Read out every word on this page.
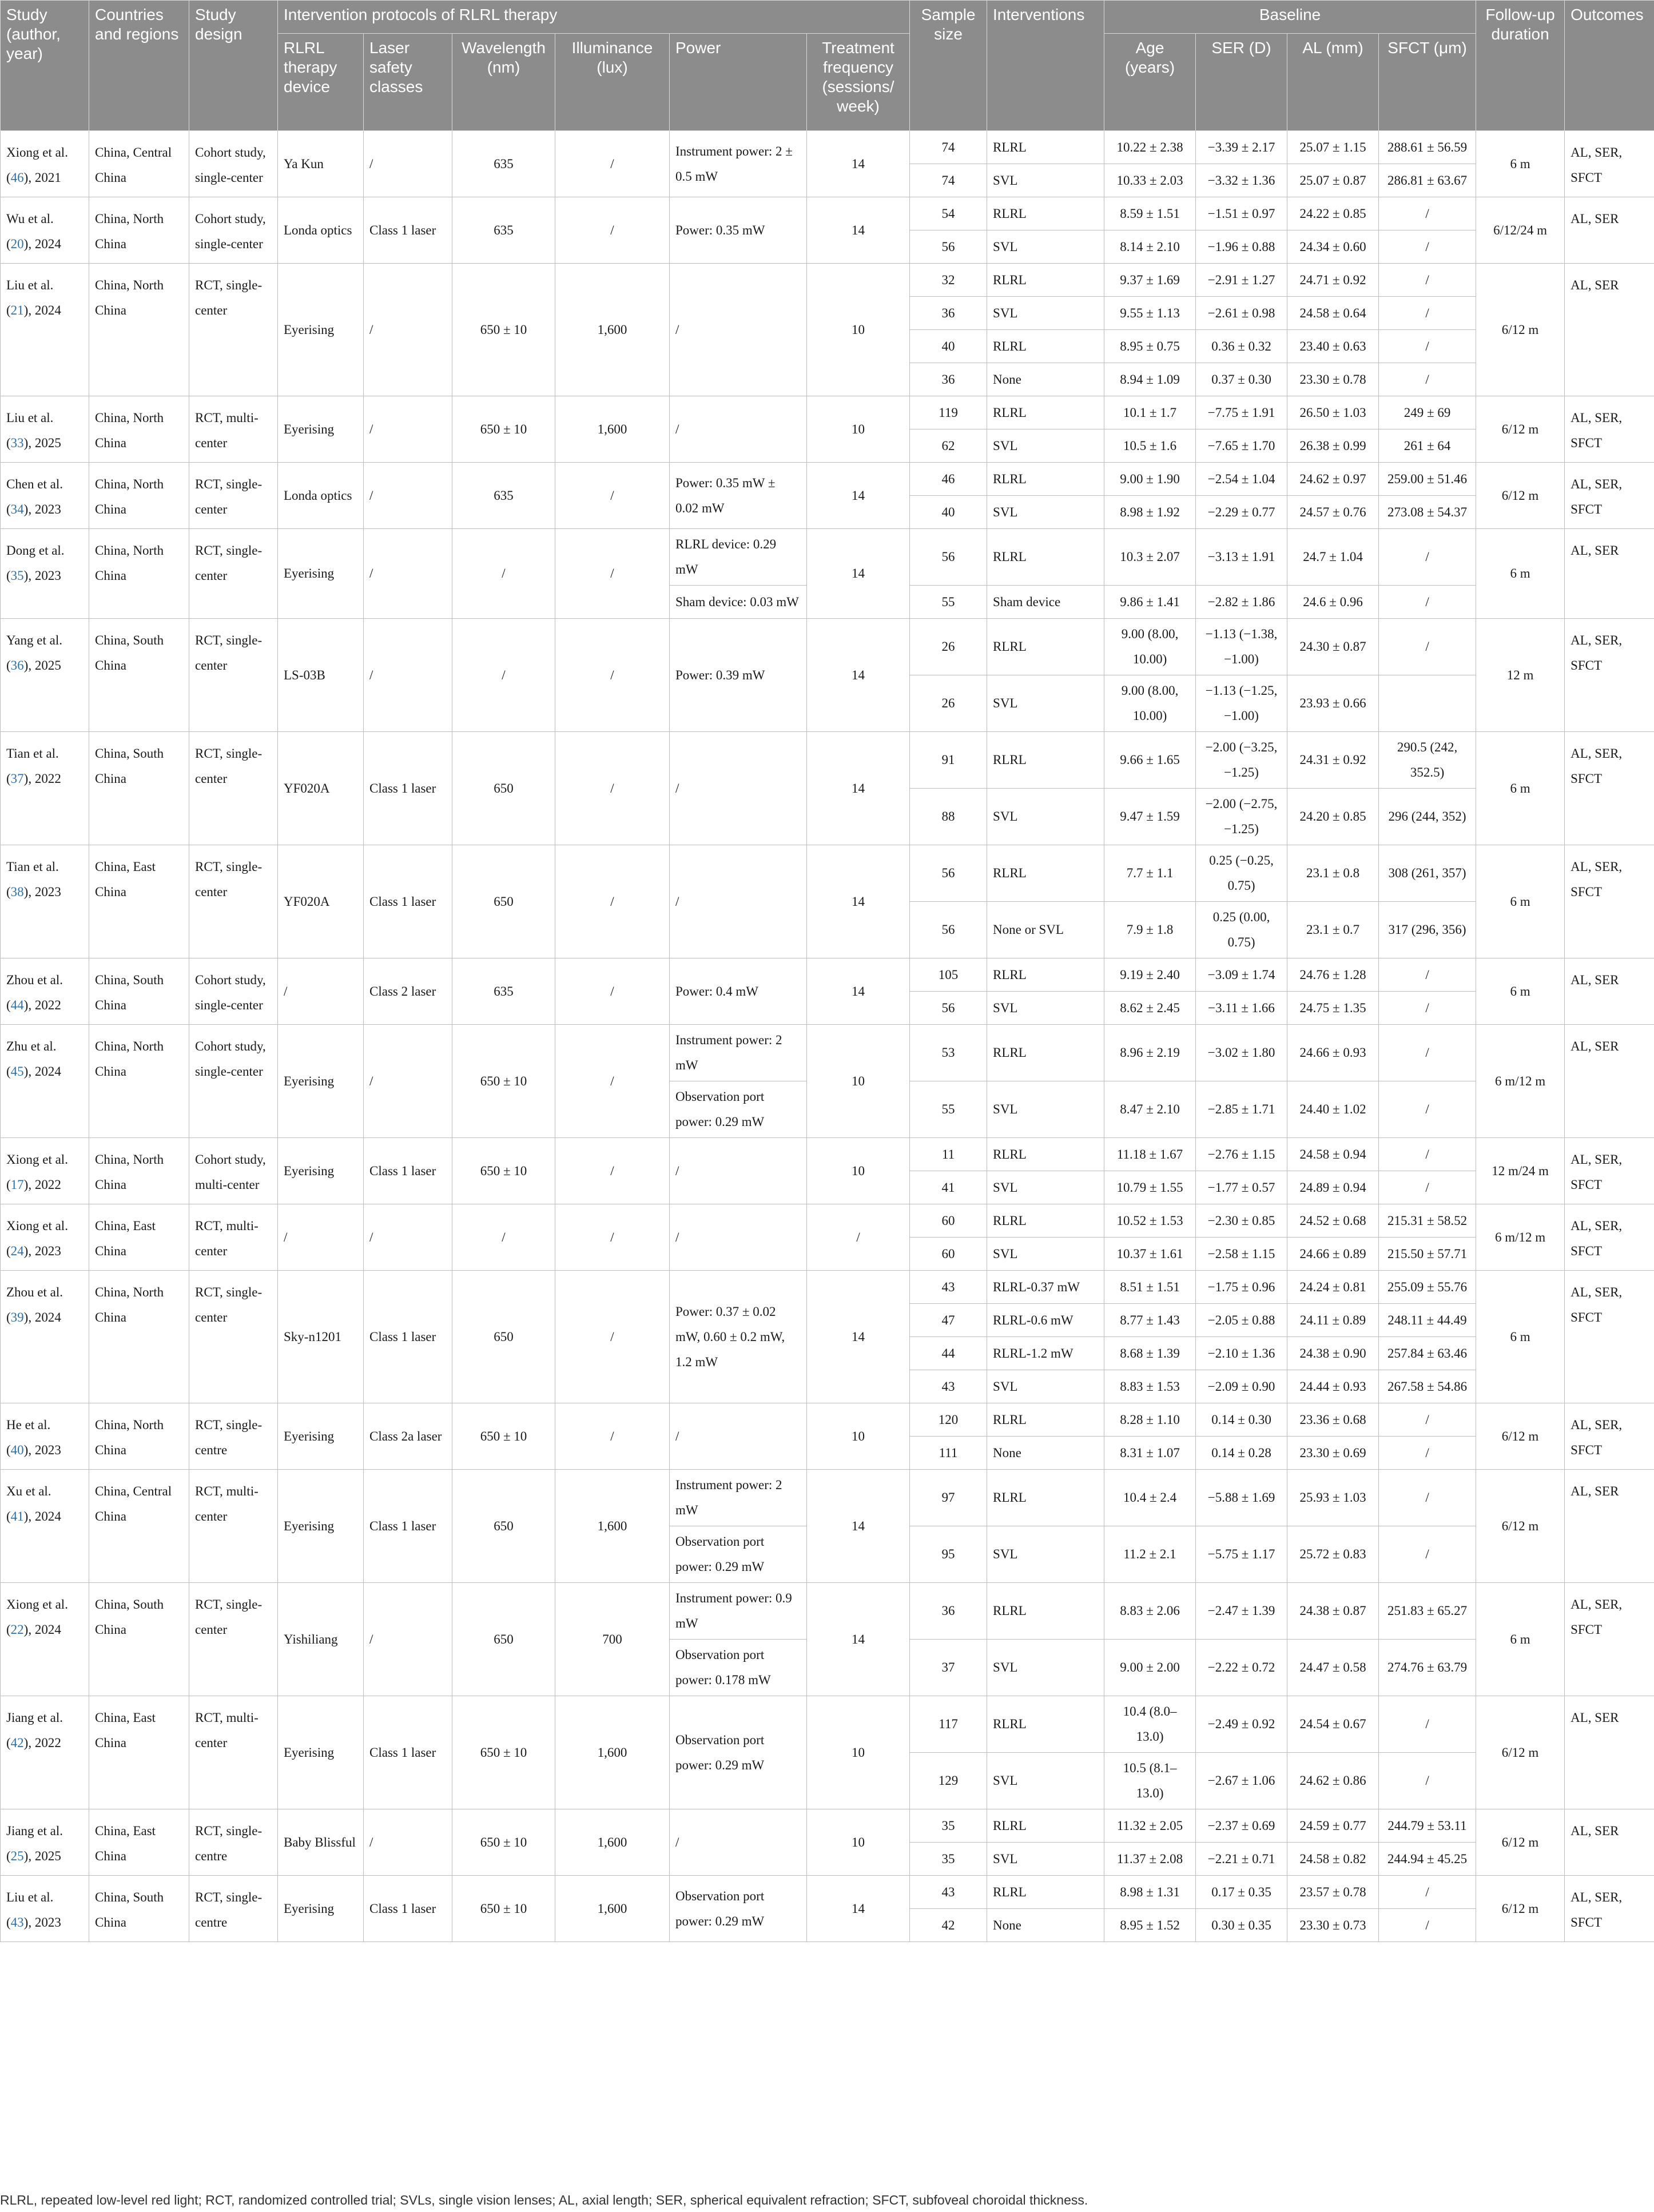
Study (author, year)	Countries and regions	Study design	Intervention protocols of RLRL therapy						Sample size	Interventions	Baseline				Follow-up duration	Outcomes
			RLRL therapy device	Laser safety classes	Wavelength (nm)	Illuminance (lux)	Power	Treatment frequency (sessions/ week)			Age (years)	SER (D)	AL (mm)	SFCT (μm)		
Xiong et al.
(46), 2021	China, Central China	Cohort study, single-center	Ya Kun	/	635	/	Instrument power: 2 ± 0.5 mW	14	74	RLRL	10.22 ± 2.38	−3.39 ± 2.17	25.07 ± 1.15	288.61 ± 56.59	6 m	AL, SER, SFCT
									74	SVL	10.33 ± 2.03	−3.32 ± 1.36	25.07 ± 0.87	286.81 ± 63.67		
Wu et al.
(20), 2024	China, North China	Cohort study, single-center	Londa optics	Class 1 laser	635	/	Power: 0.35 mW	14	54	RLRL	8.59 ± 1.51	−1.51 ± 0.97	24.22 ± 0.85	/	6/12/24 m	AL, SER
									56	SVL	8.14 ± 2.10	−1.96 ± 0.88	24.34 ± 0.60	/		
Liu et al.
(21), 2024	China, North China	RCT, single-center	Eyerising	/	650 ± 10	1,600	/	10	32	RLRL	9.37 ± 1.69	−2.91 ± 1.27	24.71 ± 0.92	/	6/12 m	AL, SER
									36	SVL	9.55 ± 1.13	−2.61 ± 0.98	24.58 ± 0.64	/		
									40	RLRL	8.95 ± 0.75	0.36 ± 0.32	23.40 ± 0.63	/		
									36	None	8.94 ± 1.09	0.37 ± 0.30	23.30 ± 0.78	/		
Liu et al.
(33), 2025	China, North China	RCT, multi-center	Eyerising	/	650 ± 10	1,600	/	10	119	RLRL	10.1 ± 1.7	−7.75 ± 1.91	26.50 ± 1.03	249 ± 69	6/12 m	AL, SER, SFCT
									62	SVL	10.5 ± 1.6	−7.65 ± 1.70	26.38 ± 0.99	261 ± 64		
Chen et al.
(34), 2023	China, North China	RCT, single-center	Londa optics	/	635	/	Power: 0.35 mW ± 0.02 mW	14	46	RLRL	9.00 ± 1.90	−2.54 ± 1.04	24.62 ± 0.97	259.00 ± 51.46	6/12 m	AL, SER, SFCT
									40	SVL	8.98 ± 1.92	−2.29 ± 0.77	24.57 ± 0.76	273.08 ± 54.37		
Dong et al.
(35), 2023	China, North China	RCT, single-center	Eyerising	/	/	/	RLRL device: 0.29 mW	14	56	RLRL	10.3 ± 2.07	−3.13 ± 1.91	24.7 ± 1.04	/	6 m	AL, SER
							Sham device: 0.03 mW		55	Sham device	9.86 ± 1.41	−2.82 ± 1.86	24.6 ± 0.96	/		
Yang et al.
(36), 2025	China, South China	RCT, single-center	LS-03B	/	/	/	Power: 0.39 mW	14	26	RLRL	9.00 (8.00, 10.00)	−1.13 (−1.38, −1.00)	24.30 ± 0.87	/	12 m	AL, SER, SFCT
									26	SVL	9.00 (8.00, 10.00)	−1.13 (−1.25, −1.00)	23.93 ± 0.66			
Tian et al.
(37), 2022	China, South China	RCT, single-center	YF020A	Class 1 laser	650	/	/	14	91	RLRL	9.66 ± 1.65	−2.00 (−3.25, −1.25)	24.31 ± 0.92	290.5 (242, 352.5)	6 m	AL, SER, SFCT
									88	SVL	9.47 ± 1.59	−2.00 (−2.75, −1.25)	24.20 ± 0.85	296 (244, 352)		
Tian et al.
(38), 2023	China, East China	RCT, single-center	YF020A	Class 1 laser	650	/	/	14	56	RLRL	7.7 ± 1.1	0.25 (−0.25, 0.75)	23.1 ± 0.8	308 (261, 357)	6 m	AL, SER, SFCT
									56	None or SVL	7.9 ± 1.8	0.25 (0.00, 0.75)	23.1 ± 0.7	317 (296, 356)		
Zhou et al.
(44), 2022	China, South China	Cohort study, single-center	/	Class 2 laser	635	/	Power: 0.4 mW	14	105	RLRL	9.19 ± 2.40	−3.09 ± 1.74	24.76 ± 1.28	/	6 m	AL, SER
									56	SVL	8.62 ± 2.45	−3.11 ± 1.66	24.75 ± 1.35	/		
Zhu et al.
(45), 2024	China, North China	Cohort study, single-center	Eyerising	/	650 ± 10	/	Instrument power: 2 mW	10	53	RLRL	8.96 ± 2.19	−3.02 ± 1.80	24.66 ± 0.93	/	6 m/12 m	AL, SER
							Observation port power: 0.29 mW		55	SVL	8.47 ± 2.10	−2.85 ± 1.71	24.40 ± 1.02	/		
Xiong et al.
(17), 2022	China, North China	Cohort study, multi-center	Eyerising	Class 1 laser	650 ± 10	/	/	10	11	RLRL	11.18 ± 1.67	−2.76 ± 1.15	24.58 ± 0.94	/	12 m/24 m	AL, SER, SFCT
									41	SVL	10.79 ± 1.55	−1.77 ± 0.57	24.89 ± 0.94	/		
Xiong et al.
(24), 2023	China, East China	RCT, multi-center	/	/	/	/	/	/	60	RLRL	10.52 ± 1.53	−2.30 ± 0.85	24.52 ± 0.68	215.31 ± 58.52	6 m/12 m	AL, SER, SFCT
									60	SVL	10.37 ± 1.61	−2.58 ± 1.15	24.66 ± 0.89	215.50 ± 57.71		
Zhou et al.
(39), 2024	China, North China	RCT, single-center	Sky-n1201	Class 1 laser	650	/	Power: 0.37 ± 0.02 mW, 0.60 ± 0.2 mW, 1.2 mW	14	43	RLRL-0.37 mW	8.51 ± 1.51	−1.75 ± 0.96	24.24 ± 0.81	255.09 ± 55.76	6 m	AL, SER, SFCT
									47	RLRL-0.6 mW	8.77 ± 1.43	−2.05 ± 0.88	24.11 ± 0.89	248.11 ± 44.49		
									44	RLRL-1.2 mW	8.68 ± 1.39	−2.10 ± 1.36	24.38 ± 0.90	257.84 ± 63.46		
									43	SVL	8.83 ± 1.53	−2.09 ± 0.90	24.44 ± 0.93	267.58 ± 54.86		
He et al.
(40), 2023	China, North China	RCT, single-centre	Eyerising	Class 2a laser	650 ± 10	/	/	10	120	RLRL	8.28 ± 1.10	0.14 ± 0.30	23.36 ± 0.68	/	6/12 m	AL, SER, SFCT
									111	None	8.31 ± 1.07	0.14 ± 0.28	23.30 ± 0.69	/		
Xu et al.
(41), 2024	China, Central China	RCT, multi-center	Eyerising	Class 1 laser	650	1,600	Instrument power: 2 mW	14	97	RLRL	10.4 ± 2.4	−5.88 ± 1.69	25.93 ± 1.03	/	6/12 m	AL, SER
							Observation port power: 0.29 mW		95	SVL	11.2 ± 2.1	−5.75 ± 1.17	25.72 ± 0.83	/		
Xiong et al.
(22), 2024	China, South China	RCT, single-center	Yishiliang	/	650	700	Instrument power: 0.9 mW	14	36	RLRL	8.83 ± 2.06	−2.47 ± 1.39	24.38 ± 0.87	251.83 ± 65.27	6 m	AL, SER, SFCT
							Observation port power: 0.178 mW		37	SVL	9.00 ± 2.00	−2.22 ± 0.72	24.47 ± 0.58	274.76 ± 63.79		
Jiang et al.
(42), 2022	China, East China	RCT, multi-center	Eyerising	Class 1 laser	650 ± 10	1,600	Observation port power: 0.29 mW	10	117	RLRL	10.4 (8.0–13.0)	−2.49 ± 0.92	24.54 ± 0.67	/	6/12 m	AL, SER
									129	SVL	10.5 (8.1–13.0)	−2.67 ± 1.06	24.62 ± 0.86	/		
Jiang et al.
(25), 2025	China, East China	RCT, single-centre	Baby Blissful	/	650 ± 10	1,600	/	10	35	RLRL	11.32 ± 2.05	−2.37 ± 0.69	24.59 ± 0.77	244.79 ± 53.11	6/12 m	AL, SER
									35	SVL	11.37 ± 2.08	−2.21 ± 0.71	24.58 ± 0.82	244.94 ± 45.25		
Liu et al.
(43), 2023	China, South China	RCT, single-centre	Eyerising	Class 1 laser	650 ± 10	1,600	Observation port power: 0.29 mW	14	43	RLRL	8.98 ± 1.31	0.17 ± 0.35	23.57 ± 0.78	/	6/12 m	AL, SER, SFCT
									42	None	8.95 ± 1.52	0.30 ± 0.35	23.30 ± 0.73	/		
RLRL, repeated low-level red light; RCT, randomized controlled trial; SVLs, single vision lenses; AL, axial length; SER, spherical equivalent refraction; SFCT, subfoveal choroidal thickness.
